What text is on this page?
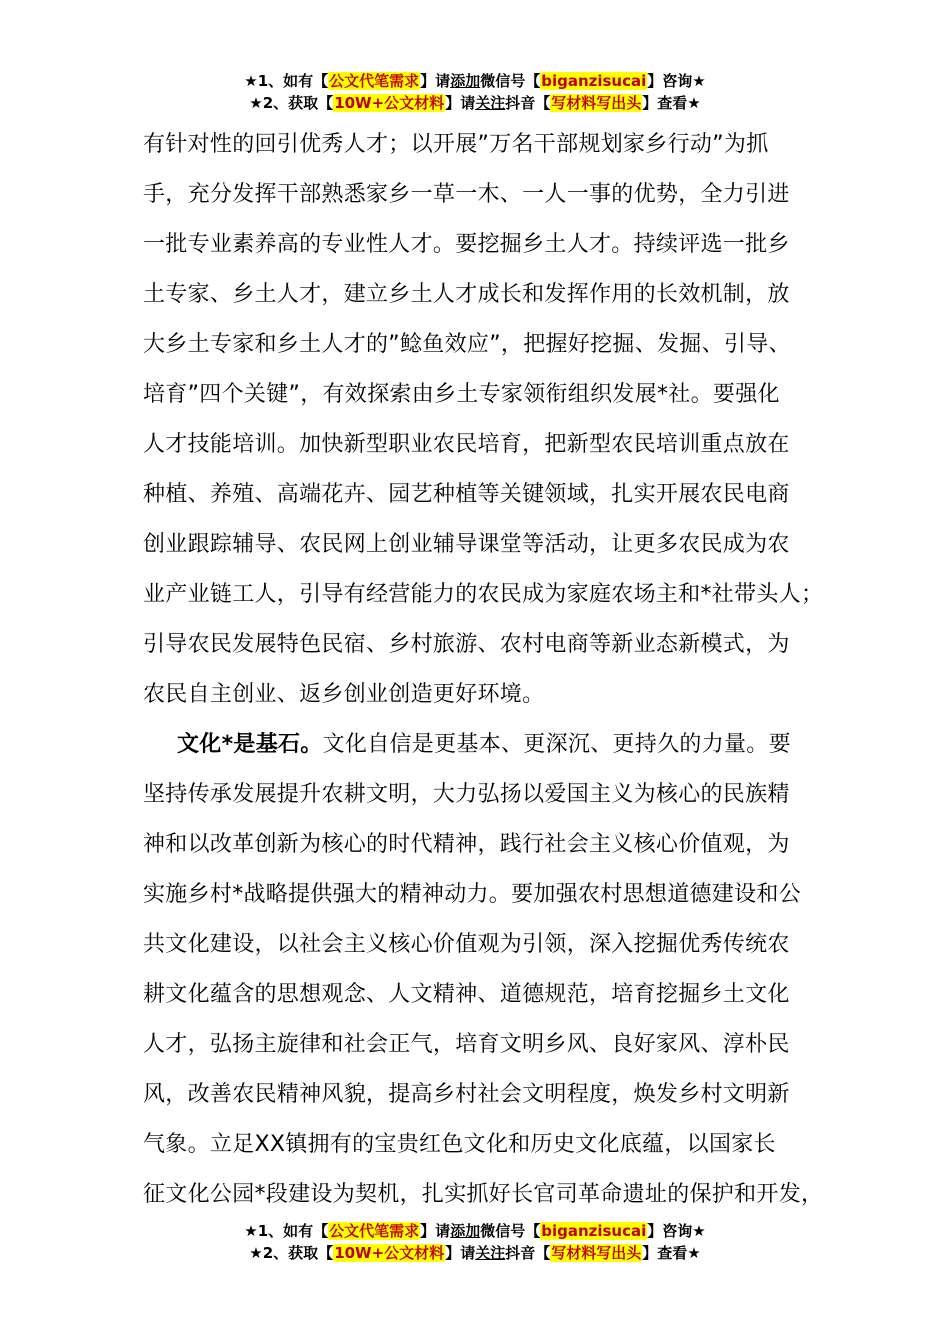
★1、如有【公文代笔需求】请添加微信号【biganzisucai】咨询★
★2、获取【10W+公文材料】请关注抖音【写材料写出头】查看★
有针对性的回引优秀人才；以开展”万名干部规划家乡行动”为抓
手，充分发挥干部熟悉家乡一草一木、一人一事的优势，全力引进
一批专业素养高的专业性人才。要挖掘乡土人才。持续评选一批乡
土专家、乡土人才，建立乡土人才成长和发挥作用的长效机制，放
大乡土专家和乡土人才的”鲶鱼效应”，把握好挖掘、发掘、引导、
培育”四个关键”，有效探索由乡土专家领衔组织发展*社。要强化
人才技能培训。加快新型职业农民培育，把新型农民培训重点放在
种植、养殖、高端花卉、园艺种植等关键领域，扎实开展农民电商
创业跟踪辅导、农民网上创业辅导课堂等活动，让更多农民成为农
业产业链工人，引导有经营能力的农民成为家庭农场主和*社带头人；
引导农民发展特色民宿、乡村旅游、农村电商等新业态新模式，为
农民自主创业、返乡创业创造更好环境。
文化*是基石。文化自信是更基本、更深沉、更持久的力量。要
坚持传承发展提升农耕文明，大力弘扬以爱国主义为核心的民族精
神和以改革创新为核心的时代精神，践行社会主义核心价值观，为
实施乡村*战略提供强大的精神动力。要加强农村思想道德建设和公
共文化建设，以社会主义核心价值观为引领，深入挖掘优秀传统农
耕文化蕴含的思想观念、人文精神、道德规范，培育挖掘乡土文化
人才，弘扬主旋律和社会正气，培育文明乡风、良好家风、淳朴民
风，改善农民精神风貌，提高乡村社会文明程度，焕发乡村文明新
气象。立足XX镇拥有的宝贵红色文化和历史文化底蕴，以国家长
征文化公园*段建设为契机，扎实抓好长官司革命遗址的保护和开发，
★1、如有【公文代笔需求】请添加微信号【biganzisucai】咨询★
★2、获取【10W+公文材料】请关注抖音【写材料写出头】查看★
